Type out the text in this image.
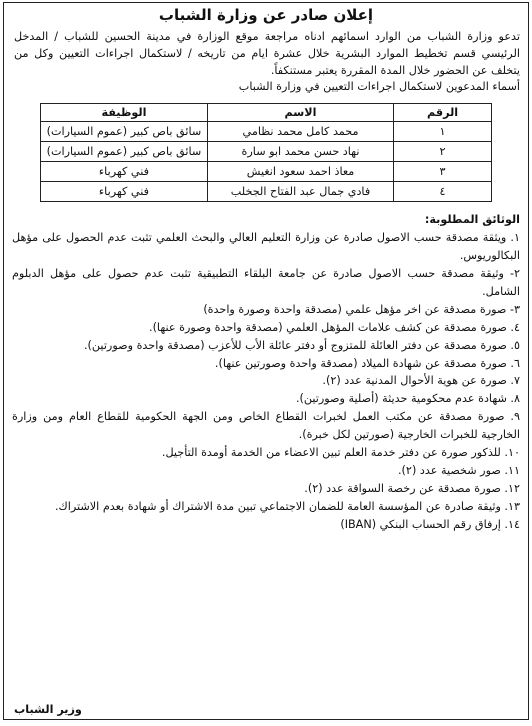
إعلان صادر عن وزارة الشباب

تدعو وزارة الشباب من الوارد اسمائهم ادناه مراجعة موقع الوزارة في مدينة الحسين للشباب / المدخل الرئيسي قسم تخطيط الموارد البشرية خلال عشرة ايام من تاريخه / لاستكمال اجراءات التعيين وكل من يتخلف عن الحضور خلال المدة المقررة يعتبر مستنكفاً.

أسماء المدعوين لاستكمال اجراءات التعيين في وزارة الشباب

الرقم	الاسم	الوظيفة
١	محمد كامل محمد نظامي	سائق باص كبير (عموم السيارات)
٢	نهاد حسن محمد ابو سارة	سائق باص كبير (عموم السيارات)
٣	معاذ احمد سعود انغيش	فني كهرباء
٤	فادي جمال عبد الفتاح الجخلب	فني كهرباء
الوثائق المطلوبة:
١. ويثقة مصدقة حسب الاصول صادرة عن وزارة التعليم العالي والبحث العلمي تثبت عدم الحصول على مؤهل البكالوريوس.
٢- وثيقة مصدقة حسب الاصول صادرة عن جامعة البلقاء التطبيقية تثبت عدم حصول على مؤهل الدبلوم الشامل.
٣- صورة مصدقة عن اخر مؤهل علمي (مصدقة واحدة وصورة واحدة)
٤. صورة مصدقة عن كشف علامات المؤهل العلمي (مصدقة واحدة وصورة عنها).
٥. صورة مصدقة عن دفتر العائلة للمتزوج أو دفتر عائلة الأب للأعزب (مصدقة واحدة وصورتين).
٦. صورة مصدقة عن شهادة الميلاد (مصدقة واحدة وصورتين عنها).
٧. صورة عن هوية الأحوال المدنية عدد (٢).
٨. شهادة عدم محكومية حديثة (أصلية وصورتين).
٩. صورة مصدقة عن مكتب العمل لخبرات القطاع الخاص ومن الجهة الحكومية للقطاع العام ومن وزارة الخارجية للخبرات الخارجية (صورتين لكل خبرة).
١٠. للذكور صورة عن دفتر خدمة العلم تبين الاعضاء من الخدمة أومدة التأجيل.
١١. صور شخصية عدد (٢).
١٢. صورة مصدقة عن رخصة السواقة عدد (٢).
١٣. وثيقة صادرة عن المؤسسة العامة للضمان الاجتماعي تبين مدة الاشتراك أو شهادة بعدم الاشتراك.
١٤. إرفاق رقم الحساب البنكي (IBAN)
وزير الشباب
